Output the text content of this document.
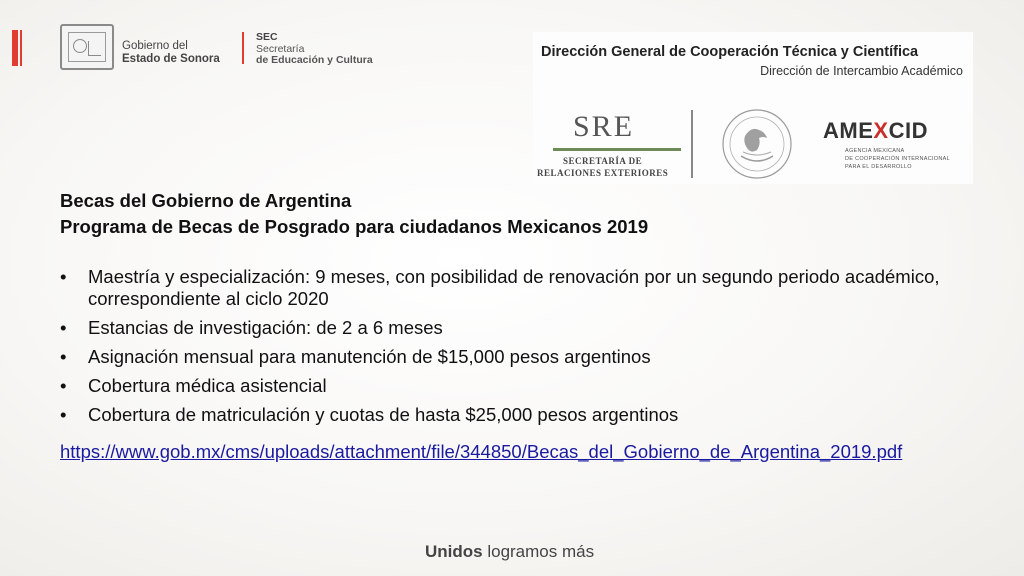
Gobierno del
Estado de Sonora
SEC
Secretaría
de Educación y Cultura	Dirección General de Cooperación Técnica y Científica
Dirección de Intercambio Académico
SRE
SECRETARÍA DE
RELACIONES EXTERIORES
AMEXCID
AGENCIA MEXICANA
DE COOPERACIÓN INTERNACIONAL
PARA EL DESARROLLO
Becas del Gobierno de Argentina
Programa de Becas de Posgrado para ciudadanos Mexicanos 2019
• Maestría y especialización: 9 meses, con posibilidad de renovación por un segundo periodo académico, correspondiente al ciclo 2020
• Estancias de investigación: de 2 a 6 meses
• Asignación mensual para manutención de $15,000 pesos argentinos
• Cobertura médica asistencial
• Cobertura de matriculación y cuotas de hasta $25,000 pesos argentinos
https://www.gob.mx/cms/uploads/attachment/file/344850/Becas_del_Gobierno_de_Argentina_2019.pdf
Unidos logramos más
